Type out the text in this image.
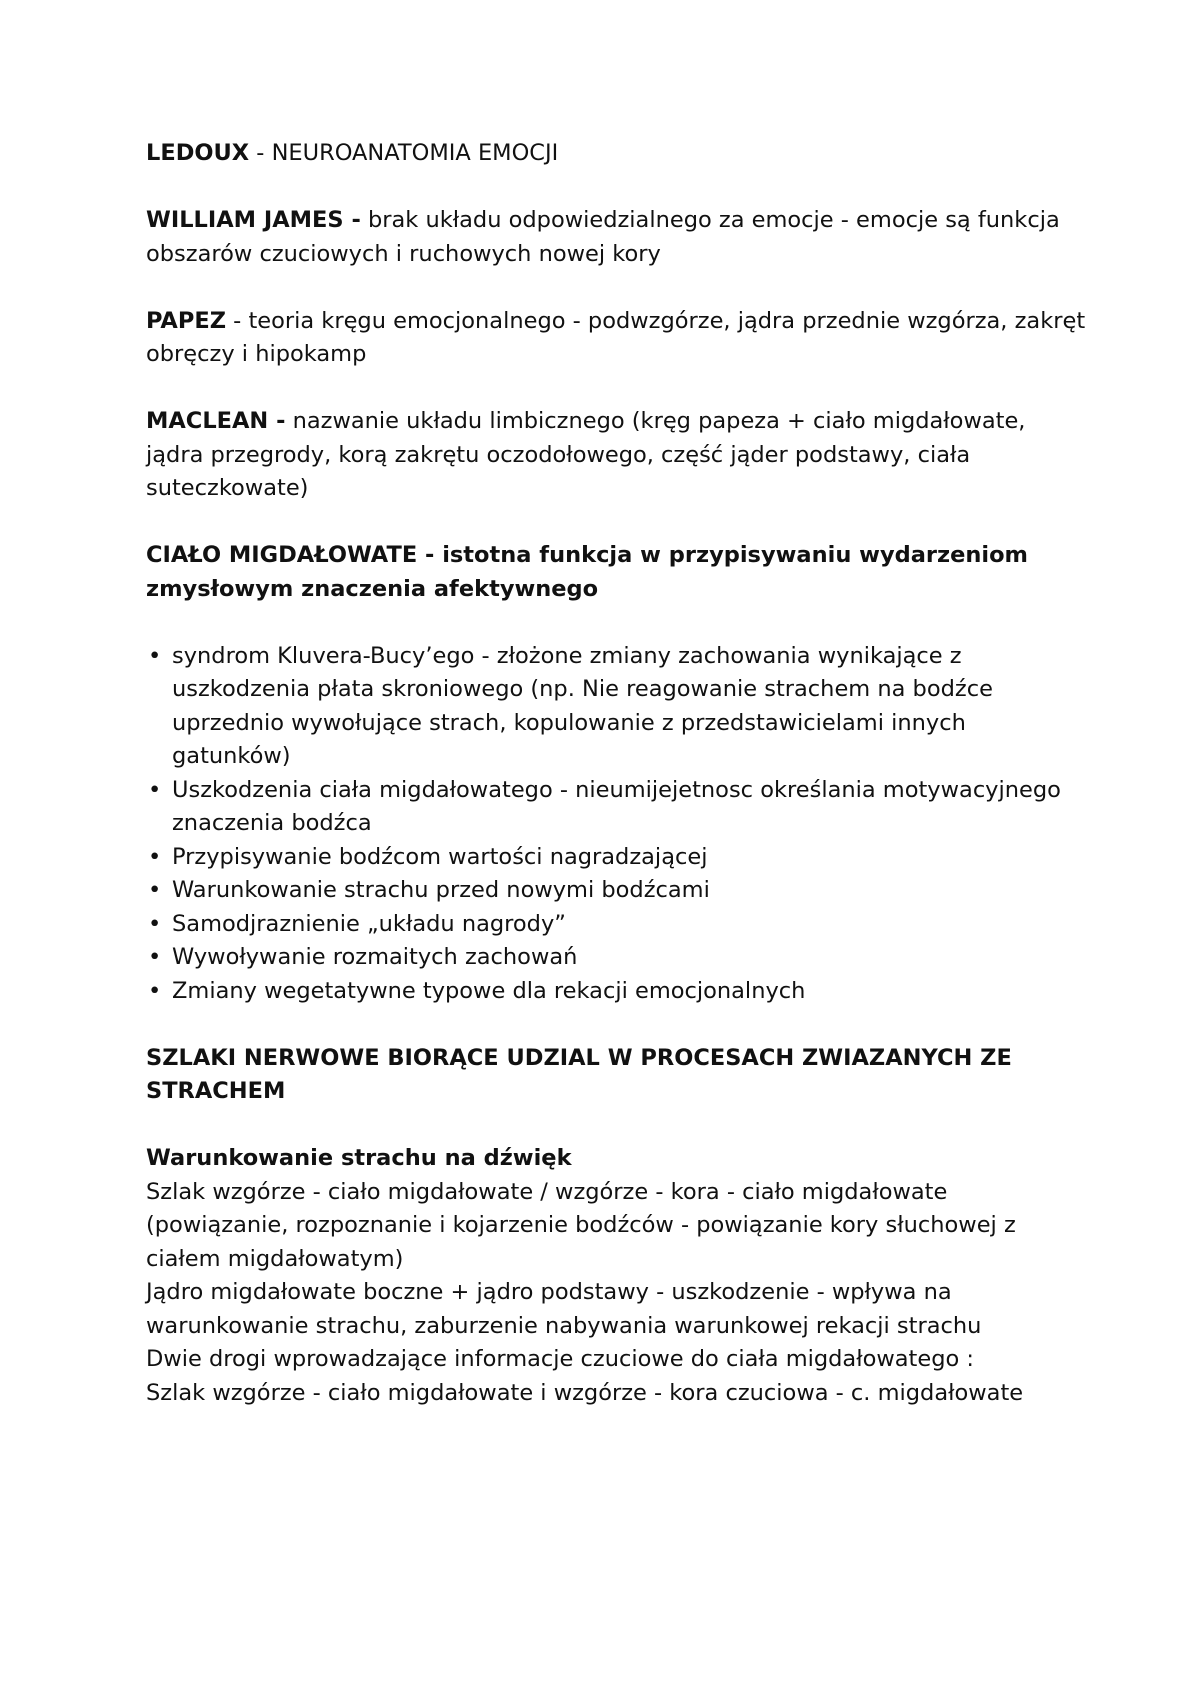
LEDOUX - NEUROANATOMIA EMOCJI

WILLIAM JAMES - brak układu odpowiedzialnego za emocje - emocje są funkcja obszarów czuciowych i ruchowych nowej kory

PAPEZ - teoria kręgu emocjonalnego - podwzgórze, jądra przednie wzgórza, zakręt obręczy i hipokamp

MACLEAN - nazwanie układu limbicznego (kręg papeza + ciało migdałowate, jądra przegrody, korą zakrętu oczodołowego, część jąder podstawy, ciała suteczkowate)

CIAŁO MIGDAŁOWATE - istotna funkcja w przypisywaniu wydarzeniom zmysłowym znaczenia afektywnego

• syndrom Kluvera-Bucy’ego - złożone zmiany zachowania wynikające z uszkodzenia płata skroniowego (np. Nie reagowanie strachem na bodźce uprzednio wywołujące strach, kopulowanie z przedstawicielami innych gatunków)
• Uszkodzenia ciała migdałowatego - nieumijejetnosc określania motywacyjnego znaczenia bodźca
• Przypisywanie bodźcom wartości nagradzającej
• Warunkowanie strachu przed nowymi bodźcami
• Samodjraznienie „układu nagrody”
• Wywoływanie rozmaitych zachowań
• Zmiany wegetatywne typowe dla rekacji emocjonalnych

SZLAKI NERWOWE BIORĄCE UDZIAL W PROCESACH ZWIAZANYCH ZE STRACHEM

Warunkowanie strachu na dźwięk

Szlak wzgórze - ciało migdałowate / wzgórze - kora - ciało migdałowate (powiązanie, rozpoznanie i kojarzenie bodźców - powiązanie kory słuchowej z ciałem migdałowatym)

Jądro migdałowate boczne + jądro podstawy - uszkodzenie - wpływa na warunkowanie strachu, zaburzenie nabywania warunkowej rekacji strachu

Dwie drogi wprowadzające informacje czuciowe do ciała migdałowatego :

Szlak wzgórze - ciało migdałowate i wzgórze - kora czuciowa - c. migdałowate
